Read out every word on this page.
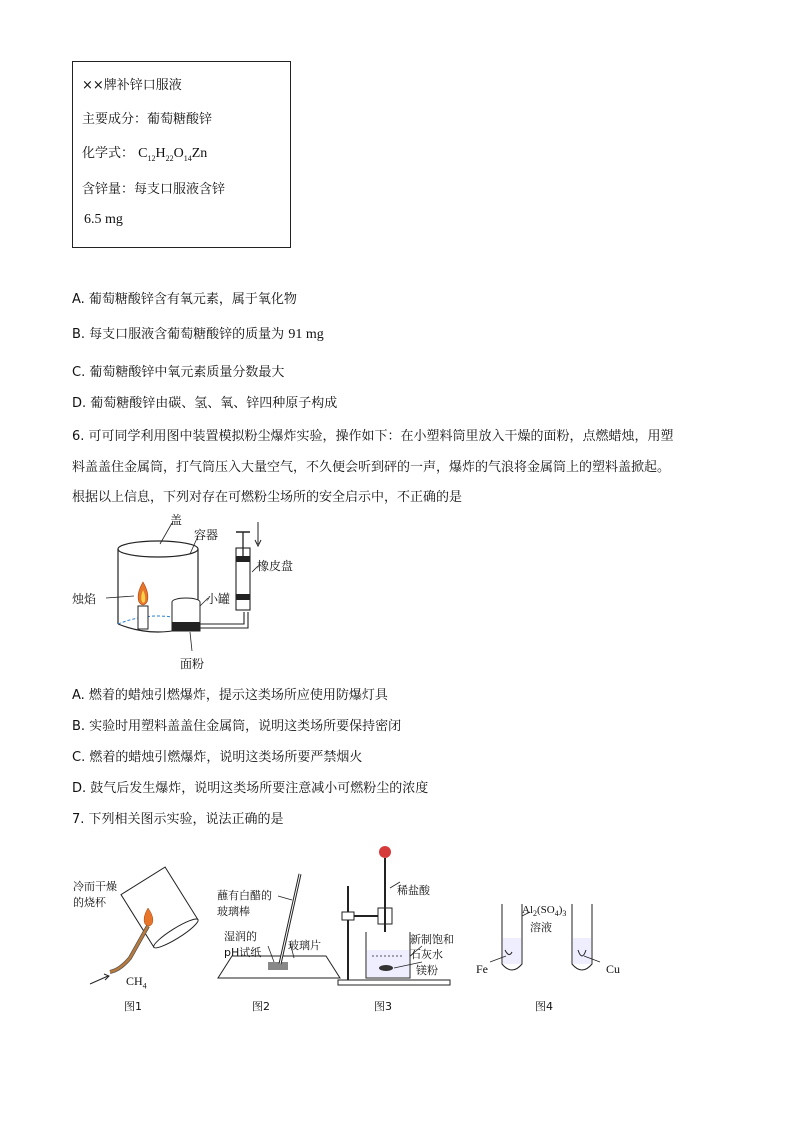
××牌补锌口服液
主要成分：葡萄糖酸锌
化学式： $C_{12}H_{22}O_{14}Zn$
含锌量：每支口服液含锌
6.5 mg
A. 葡萄糖酸锌含有氧元素，属于氧化物
B. 每支口服液含葡萄糖酸锌的质量为 91 mg
C. 葡萄糖酸锌中氧元素质量分数最大
D. 葡萄糖酸锌由碳、氢、氧、锌四种原子构成
6. 可可同学利用图中装置模拟粉尘爆炸实验，操作如下：在小塑料筒里放入干燥的面粉，点燃蜡烛，用塑
料盖盖住金属筒，打气筒压入大量空气，不久便会听到砰的一声，爆炸的气浪将金属筒上的塑料盖掀起。
根据以上信息，下列对存在可燃粉尘场所的安全启示中，不正确的是
盖
容器
橡皮盘
烛焰	小罐
面粉
A. 燃着的蜡烛引燃爆炸，提示这类场所应使用防爆灯具
B. 实验时用塑料盖盖住金属筒，说明这类场所要保持密闭
C. 燃着的蜡烛引燃爆炸，说明这类场所要严禁烟火
D. 鼓气后发生爆炸，说明这类场所要注意减小可燃粉尘的浓度
7. 下列相关图示实验，说法正确的是
冷而干燥
的烧杯
$CH_4$
图1
蘸有白醋的
玻璃棒
湿润的
pH试纸
玻璃片
图2
稀盐酸
新制饱和
石灰水
镁粉
图3
$Al_2(SO_4)_3$
溶液
Fe	Cu
图4
